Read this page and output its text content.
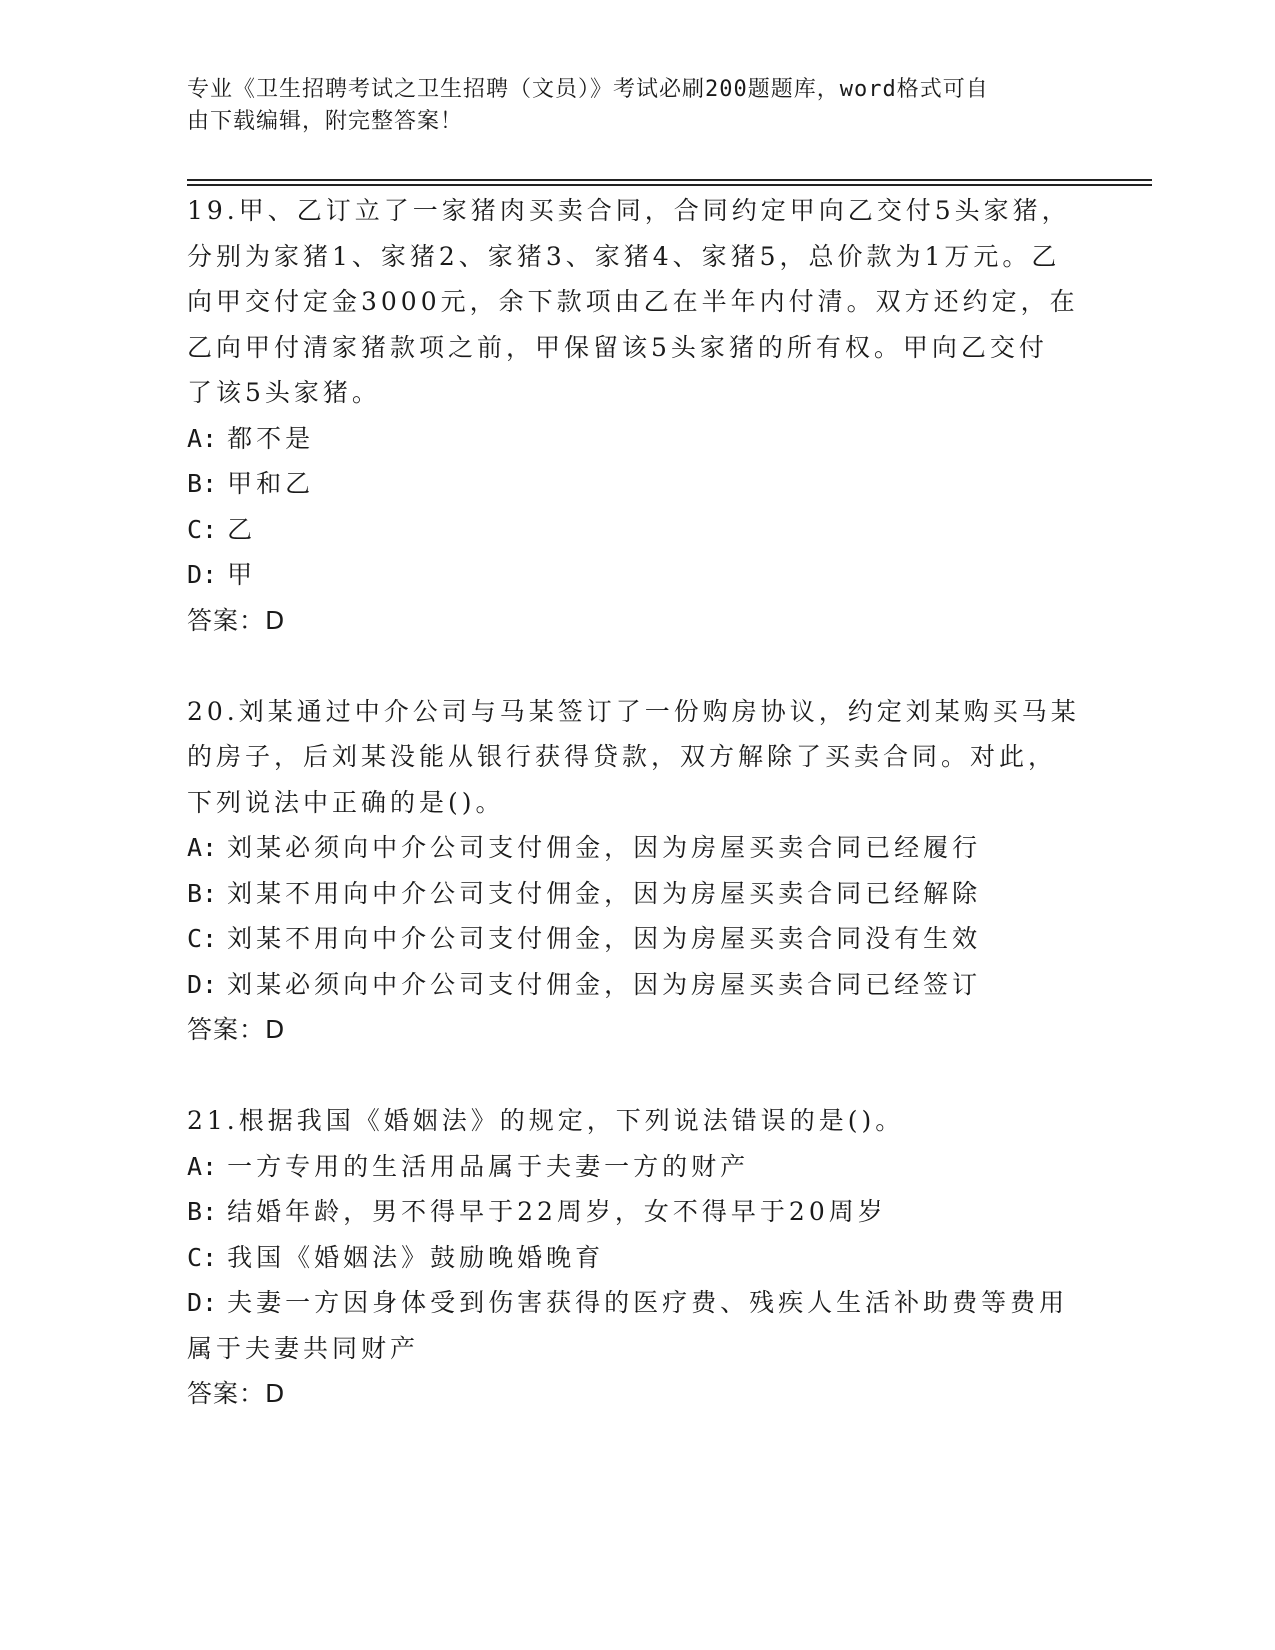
专业《卫生招聘考试之卫生招聘（文员）》考试必刷200题题库，word格式可自
由下载编辑，附完整答案！
19.甲、乙订立了一家猪肉买卖合同，合同约定甲向乙交付5头家猪，
分别为家猪1、家猪2、家猪3、家猪4、家猪5，总价款为1万元。乙
向甲交付定金3000元，余下款项由乙在半年内付清。双方还约定，在
乙向甲付清家猪款项之前，甲保留该5头家猪的所有权。甲向乙交付
了该5头家猪。
A: 都不是
B: 甲和乙
C: 乙
D: 甲
答案：D
20.刘某通过中介公司与马某签订了一份购房协议，约定刘某购买马某
的房子，后刘某没能从银行获得贷款，双方解除了买卖合同。对此，
下列说法中正确的是()。
A: 刘某必须向中介公司支付佣金，因为房屋买卖合同已经履行
B: 刘某不用向中介公司支付佣金，因为房屋买卖合同已经解除
C: 刘某不用向中介公司支付佣金，因为房屋买卖合同没有生效
D: 刘某必须向中介公司支付佣金，因为房屋买卖合同已经签订
答案：D
21.根据我国《婚姻法》的规定，下列说法错误的是()。
A: 一方专用的生活用品属于夫妻一方的财产
B: 结婚年龄，男不得早于22周岁，女不得早于20周岁
C: 我国《婚姻法》鼓励晚婚晚育
D: 夫妻一方因身体受到伤害获得的医疗费、残疾人生活补助费等费用
属于夫妻共同财产
答案：D
